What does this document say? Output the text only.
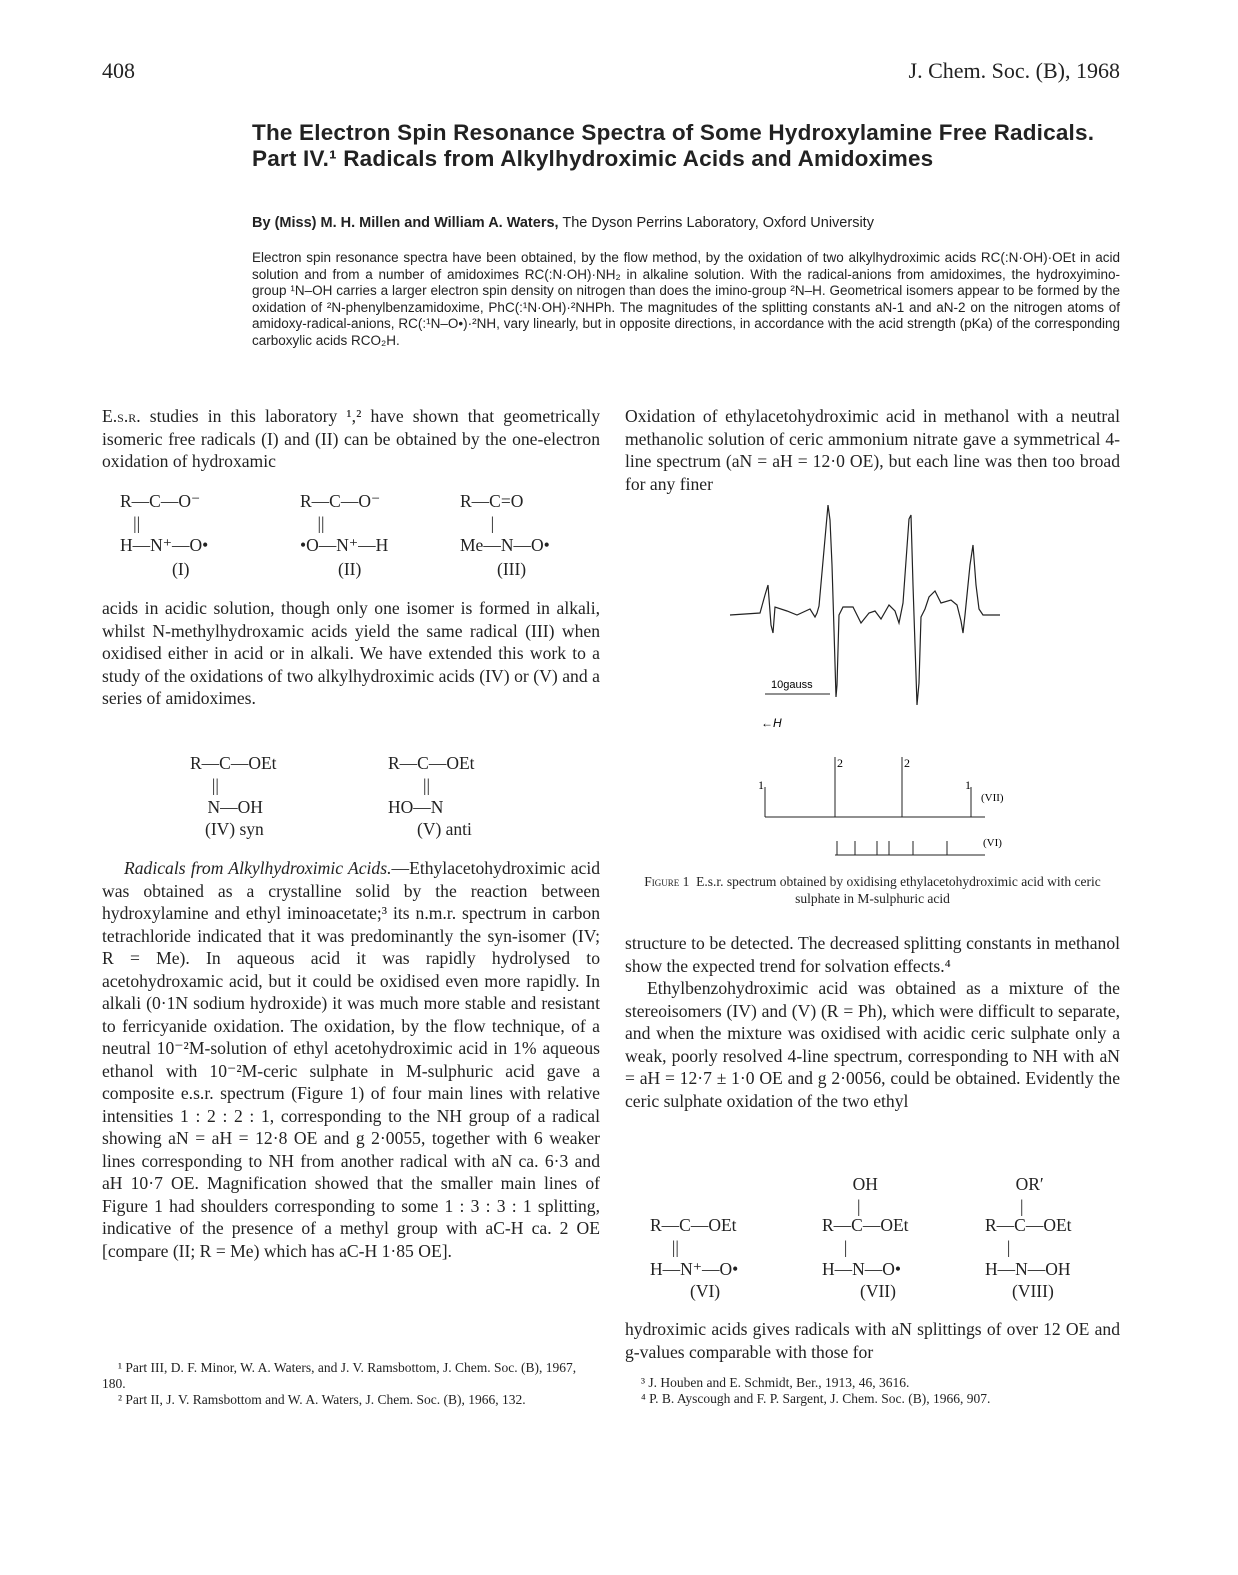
408	J. Chem. Soc. (B), 1968
The Electron Spin Resonance Spectra of Some Hydroxylamine Free Radicals. Part IV.¹ Radicals from Alkylhydroximic Acids and Amidoximes
By (Miss) M. H. Millen and William A. Waters, The Dyson Perrins Laboratory, Oxford University
Electron spin resonance spectra have been obtained, by the flow method, by the oxidation of two alkylhydroximic acids RC(:N·OH)·OEt in acid solution and from a number of amidoximes RC(:N·OH)·NH₂ in alkaline solution. With the radical-anions from amidoximes, the hydroxyimino-group ¹N–OH carries a larger electron spin density on nitrogen than does the imino-group ²N–H. Geometrical isomers appear to be formed by the oxidation of ²N-phenylbenzamidoxime, PhC(:¹N·OH)·²NHPh. The magnitudes of the splitting constants aN-1 and aN-2 on the nitrogen atoms of amidoxy-radical-anions, RC(:¹N–O•)·²NH, vary linearly, but in opposite directions, in accordance with the acid strength (pKa) of the corresponding carboxylic acids RCO₂H.

E.s.r. studies in this laboratory ¹,² have shown that geometrically isomeric free radicals (I) and (II) can be obtained by the one-electron oxidation of hydroxamic

R—C—O⁻
||
H—N⁺—O•
(I)
R—C—O⁻
||
•O—N⁺—H
(II)
R—C=O
|
Me—N—O•
(III)

acids in acidic solution, though only one isomer is formed in alkali, whilst N-methylhydroxamic acids yield the same radical (III) when oxidised either in acid or in alkali. We have extended this work to a study of the oxidations of two alkylhydroximic acids (IV) or (V) and a series of amidoximes.

R—C—OEt
||
N—OH
(IV) syn
R—C—OEt
||
HO—N
(V) anti

Radicals from Alkylhydroximic Acids.—Ethylacetohydroximic acid was obtained as a crystalline solid by the reaction between hydroxylamine and ethyl iminoacetate;³ its n.m.r. spectrum in carbon tetrachloride indicated that it was predominantly the syn-isomer (IV; R = Me). In aqueous acid it was rapidly hydrolysed to acetohydroxamic acid, but it could be oxidised even more rapidly. In alkali (0·1N sodium hydroxide) it was much more stable and resistant to ferricyanide oxidation. The oxidation, by the flow technique, of a neutral 10⁻²M-solution of ethyl acetohydroximic acid in 1% aqueous ethanol with 10⁻²M-ceric sulphate in M-sulphuric acid gave a composite e.s.r. spectrum (Figure 1) of four main lines with relative intensities 1 : 2 : 2 : 1, corresponding to the NH group of a radical showing aN = aH = 12·8 OE and g 2·0055, together with 6 weaker lines corresponding to NH from another radical with aN ca. 6·3 and aH 10·7 OE. Magnification showed that the smaller main lines of Figure 1 had shoulders corresponding to some 1 : 3 : 3 : 1 splitting, indicative of the presence of a methyl group with aC-H ca. 2 OE [compare (II; R = Me) which has aC-H 1·85 OE].

¹ Part III, D. F. Minor, W. A. Waters, and J. V. Ramsbottom, J. Chem. Soc. (B), 1967, 180.

² Part II, J. V. Ramsbottom and W. A. Waters, J. Chem. Soc. (B), 1966, 132.

Oxidation of ethylacetohydroximic acid in methanol with a neutral methanolic solution of ceric ammonium nitrate gave a symmetrical 4-line spectrum (aN = aH = 12·0 OE), but each line was then too broad for any finer

10gauss
←H
1
2	2
1
(VII)
(VI)
Figure 1 E.s.r. spectrum obtained by oxidising ethylacetohydroximic acid with ceric sulphate in M-sulphuric acid

structure to be detected. The decreased splitting constants in methanol show the expected trend for solvation effects.⁴

Ethylbenzohydroximic acid was obtained as a mixture of the stereoisomers (IV) and (V) (R = Ph), which were difficult to separate, and when the mixture was oxidised with acidic ceric sulphate only a weak, poorly resolved 4-line spectrum, corresponding to NH with aN = aH = 12·7 ± 1·0 OE and g 2·0056, could be obtained. Evidently the ceric sulphate oxidation of the two ethyl

R—C—OEt
||
H—N⁺—O•
(VI)
OH
|
R—C—OEt
|
H—N—O•
(VII)
OR′
|
R—C—OEt
|
H—N—OH
(VIII)

hydroximic acids gives radicals with aN splittings of over 12 OE and g-values comparable with those for

³ J. Houben and E. Schmidt, Ber., 1913, 46, 3616.

⁴ P. B. Ayscough and F. P. Sargent, J. Chem. Soc. (B), 1966, 907.
